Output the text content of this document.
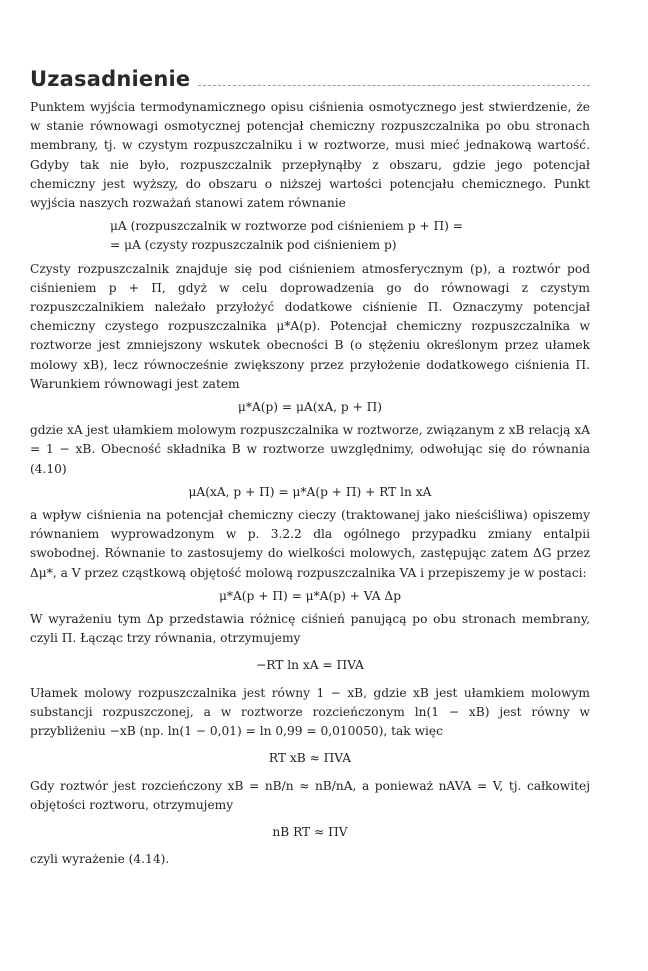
Uzasadnienie

Punktem wyjścia termodynamicznego opisu ciśnienia osmotycznego jest stwierdzenie, że w stanie równowagi osmotycznej potencjał chemiczny rozpuszczalnika po obu stronach membrany, tj. w czystym rozpuszczalniku i w roztworze, musi mieć jednakową wartość. Gdyby tak nie było, rozpuszczalnik przepłynąłby z obszaru, gdzie jego potencjał chemiczny jest wyższy, do obszaru o niższej wartości potencjału chemicznego. Punkt wyjścia naszych rozważań stanowi zatem równanie

μA (rozpuszczalnik w roztworze pod ciśnieniem p + Π) =
= μA (czysty rozpuszczalnik pod ciśnieniem p)

Czysty rozpuszczalnik znajduje się pod ciśnieniem atmosferycznym (p), a roztwór pod ciśnieniem p + Π, gdyż w celu doprowadzenia go do równowagi z czystym rozpuszczalnikiem należało przyłożyć dodatkowe ciśnienie Π. Oznaczymy potencjał chemiczny czystego rozpuszczalnika μ*A(p). Potencjał chemiczny rozpuszczalnika w roztworze jest zmniejszony wskutek obecności B (o stężeniu określonym przez ułamek molowy xB), lecz równocześnie zwiększony przez przyłożenie dodatkowego ciśnienia Π. Warunkiem równowagi jest zatem

μ*A(p) = μA(xA, p + Π)

gdzie xA jest ułamkiem molowym rozpuszczalnika w roztworze, związanym z xB relacją xA = 1 − xB. Obecność składnika B w roztworze uwzględnimy, odwołując się do równania (4.10)

μA(xA, p + Π) = μ*A(p + Π) + RT ln xA

a wpływ ciśnienia na potencjał chemiczny cieczy (traktowanej jako nieściśliwa) opiszemy równaniem wyprowadzonym w p. 3.2.2 dla ogólnego przypadku zmiany entalpii swobodnej. Równanie to zastosujemy do wielkości molowych, zastępując zatem ΔG przez Δμ*, a V przez cząstkową objętość molową rozpuszczalnika VA i przepiszemy je w postaci:

μ*A(p + Π) = μ*A(p) + VA Δp

W wyrażeniu tym Δp przedstawia różnicę ciśnień panującą po obu stronach membrany, czyli Π. Łącząc trzy równania, otrzymujemy

−RT ln xA = ΠVA

Ułamek molowy rozpuszczalnika jest równy 1 − xB, gdzie xB jest ułamkiem molowym substancji rozpuszczonej, a w roztworze rozcieńczonym ln(1 − xB) jest równy w przybliżeniu −xB (np. ln(1 − 0,01) = ln 0,99 = 0,010050), tak więc

RT xB ≈ ΠVA

Gdy roztwór jest rozcieńczony xB = nB/n ≈ nB/nA, a ponieważ nAVA = V, tj. całkowitej objętości roztworu, otrzymujemy

nB RT ≈ ΠV

czyli wyrażenie (4.14).
